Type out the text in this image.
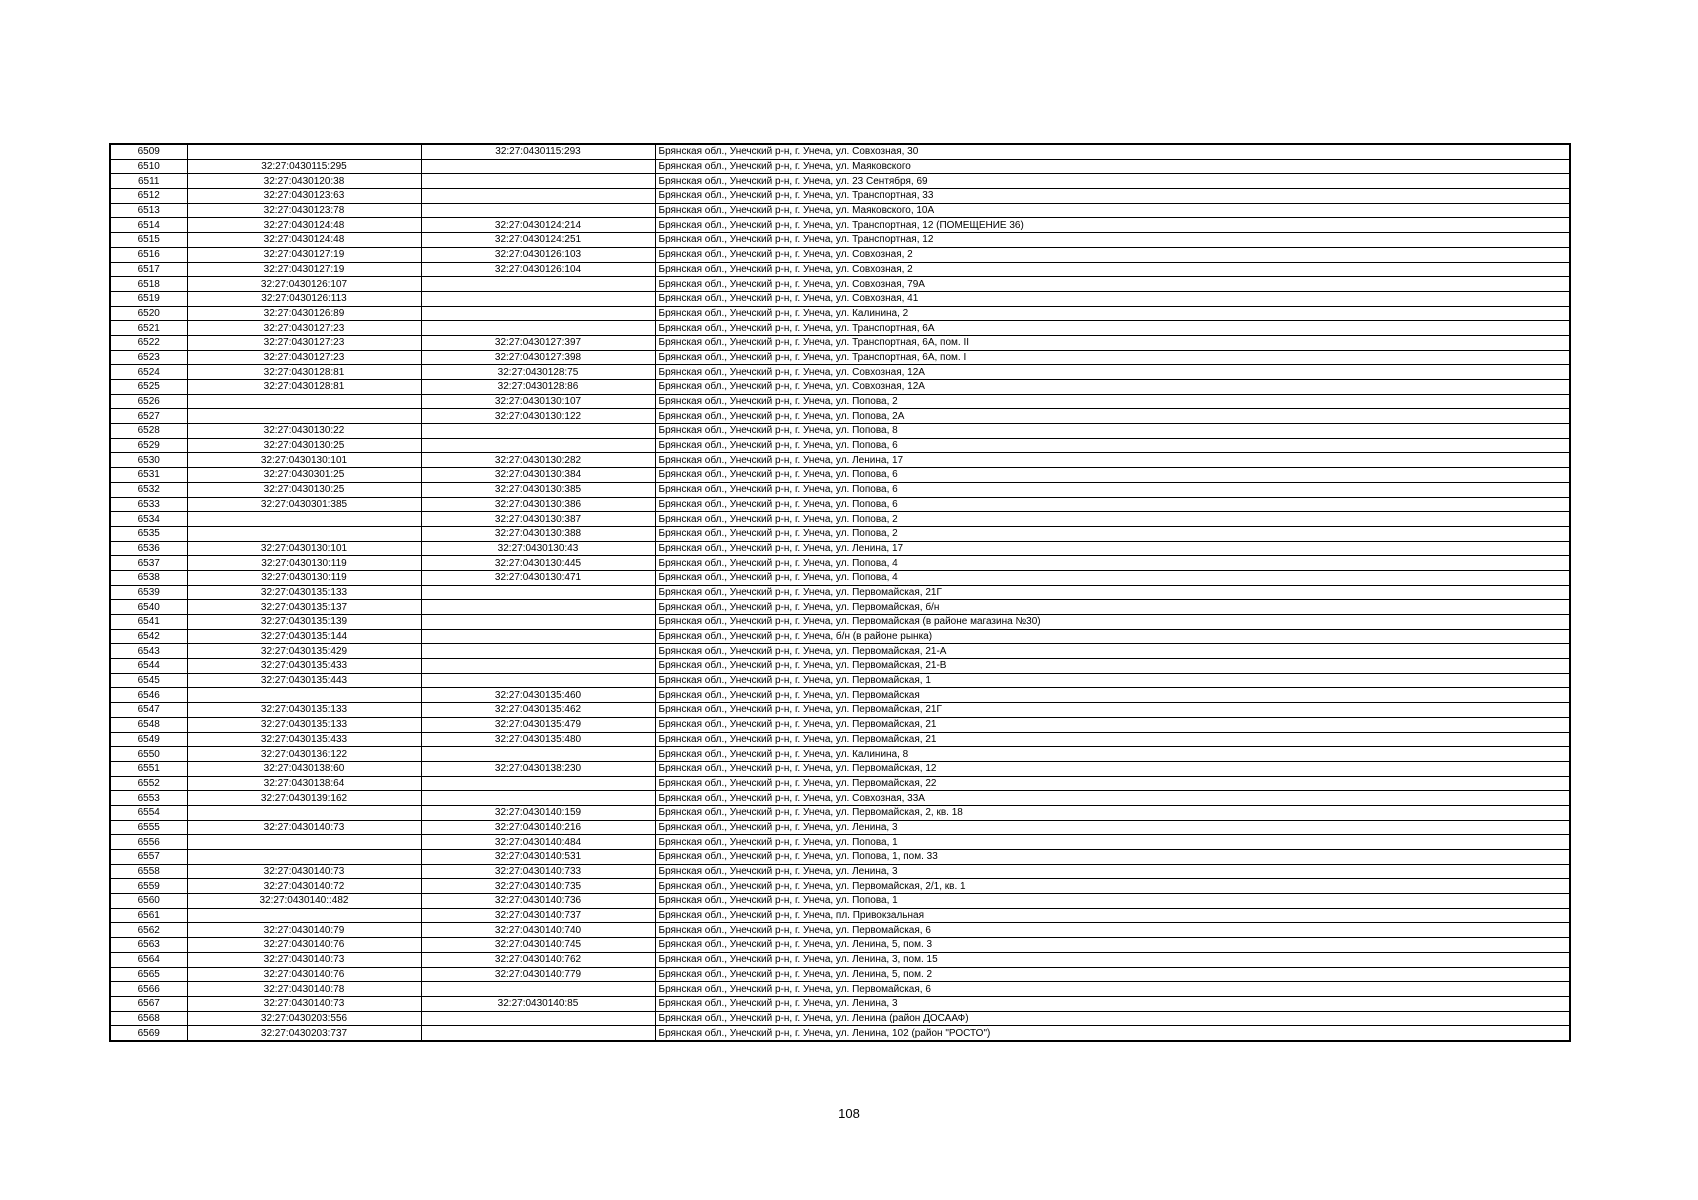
6509		32:27:0430115:293	Брянская обл., Унечский р-н, г. Унеча, ул. Совхозная, 30
6510	32:27:0430115:295		Брянская обл., Унечский р-н, г. Унеча, ул. Маяковского
6511	32:27:0430120:38		Брянская обл., Унечский р-н, г. Унеча, ул. 23 Сентября, 69
6512	32:27:0430123:63		Брянская обл., Унечский р-н, г. Унеча, ул. Транспортная, 33
6513	32:27:0430123:78		Брянская обл., Унечский р-н, г. Унеча, ул. Маяковского, 10А
6514	32:27:0430124:48	32:27:0430124:214	Брянская обл., Унечский р-н, г. Унеча, ул. Транспортная, 12 (ПОМЕЩЕНИЕ 36)
6515	32:27:0430124:48	32:27:0430124:251	Брянская обл., Унечский р-н, г. Унеча, ул. Транспортная, 12
6516	32:27:0430127:19	32:27:0430126:103	Брянская обл., Унечский р-н, г. Унеча, ул. Совхозная, 2
6517	32:27:0430127:19	32:27:0430126:104	Брянская обл., Унечский р-н, г. Унеча, ул. Совхозная, 2
6518	32:27:0430126:107		Брянская обл., Унечский р-н, г. Унеча, ул. Совхозная, 79А
6519	32:27:0430126:113		Брянская обл., Унечский р-н, г. Унеча, ул. Совхозная, 41
6520	32:27:0430126:89		Брянская обл., Унечский р-н, г. Унеча, ул. Калинина, 2
6521	32:27:0430127:23		Брянская обл., Унечский р-н, г. Унеча, ул. Транспортная, 6А
6522	32:27:0430127:23	32:27:0430127:397	Брянская обл., Унечский р-н, г. Унеча, ул. Транспортная, 6А, пом. II
6523	32:27:0430127:23	32:27:0430127:398	Брянская обл., Унечский р-н, г. Унеча, ул. Транспортная, 6А, пом. I
6524	32:27:0430128:81	32:27:0430128:75	Брянская обл., Унечский р-н, г. Унеча, ул. Совхозная, 12А
6525	32:27:0430128:81	32:27:0430128:86	Брянская обл., Унечский р-н, г. Унеча, ул. Совхозная, 12А
6526		32:27:0430130:107	Брянская обл., Унечский р-н, г. Унеча, ул. Попова, 2
6527		32:27:0430130:122	Брянская обл., Унечский р-н, г. Унеча, ул. Попова, 2А
6528	32:27:0430130:22		Брянская обл., Унечский р-н, г. Унеча, ул. Попова, 8
6529	32:27:0430130:25		Брянская обл., Унечский р-н, г. Унеча, ул. Попова, 6
6530	32:27:0430130:101	32:27:0430130:282	Брянская обл., Унечский р-н, г. Унеча, ул. Ленина, 17
6531	32:27:0430301:25	32:27:0430130:384	Брянская обл., Унечский р-н, г. Унеча, ул. Попова, 6
6532	32:27:0430130:25	32:27:0430130:385	Брянская обл., Унечский р-н, г. Унеча, ул. Попова, 6
6533	32:27:0430301:385	32:27:0430130:386	Брянская обл., Унечский р-н, г. Унеча, ул. Попова, 6
6534		32:27:0430130:387	Брянская обл., Унечский р-н, г. Унеча, ул. Попова, 2
6535		32:27:0430130:388	Брянская обл., Унечский р-н, г. Унеча, ул. Попова, 2
6536	32:27:0430130:101	32:27:0430130:43	Брянская обл., Унечский р-н, г. Унеча, ул. Ленина, 17
6537	32:27:0430130:119	32:27:0430130:445	Брянская обл., Унечский р-н, г. Унеча, ул. Попова, 4
6538	32:27:0430130:119	32:27:0430130:471	Брянская обл., Унечский р-н, г. Унеча, ул. Попова, 4
6539	32:27:0430135:133		Брянская обл., Унечский р-н, г. Унеча, ул. Первомайская, 21Г
6540	32:27:0430135:137		Брянская обл., Унечский р-н, г. Унеча, ул. Первомайская, б/н
6541	32:27:0430135:139		Брянская обл., Унечский р-н, г. Унеча, ул. Первомайская (в районе магазина №30)
6542	32:27:0430135:144		Брянская обл., Унечский р-н, г. Унеча, б/н (в районе рынка)
6543	32:27:0430135:429		Брянская обл., Унечский р-н, г. Унеча, ул. Первомайская, 21-А
6544	32:27:0430135:433		Брянская обл., Унечский р-н, г. Унеча, ул. Первомайская, 21-В
6545	32:27:0430135:443		Брянская обл., Унечский р-н, г. Унеча, ул. Первомайская, 1
6546		32:27:0430135:460	Брянская обл., Унечский р-н, г. Унеча, ул. Первомайская
6547	32:27:0430135:133	32:27:0430135:462	Брянская обл., Унечский р-н, г. Унеча, ул. Первомайская, 21Г
6548	32:27:0430135:133	32:27:0430135:479	Брянская обл., Унечский р-н, г. Унеча, ул. Первомайская, 21
6549	32:27:0430135:433	32:27:0430135:480	Брянская обл., Унечский р-н, г. Унеча, ул. Первомайская, 21
6550	32:27:0430136:122		Брянская обл., Унечский р-н, г. Унеча, ул. Калинина, 8
6551	32:27:0430138:60	32:27:0430138:230	Брянская обл., Унечский р-н, г. Унеча, ул. Первомайская, 12
6552	32:27:0430138:64		Брянская обл., Унечский р-н, г. Унеча, ул. Первомайская, 22
6553	32:27:0430139:162		Брянская обл., Унечский р-н, г. Унеча, ул. Совхозная, 33А
6554		32:27:0430140:159	Брянская обл., Унечский р-н, г. Унеча, ул. Первомайская, 2, кв. 18
6555	32:27:0430140:73	32:27:0430140:216	Брянская обл., Унечский р-н, г. Унеча, ул. Ленина, 3
6556		32:27:0430140:484	Брянская обл., Унечский р-н, г. Унеча, ул. Попова, 1
6557		32:27:0430140:531	Брянская обл., Унечский р-н, г. Унеча, ул. Попова, 1, пом. 33
6558	32:27:0430140:73	32:27:0430140:733	Брянская обл., Унечский р-н, г. Унеча, ул. Ленина, 3
6559	32:27:0430140:72	32:27:0430140:735	Брянская обл., Унечский р-н, г. Унеча, ул. Первомайская, 2/1, кв. 1
6560	32:27:0430140::482	32:27:0430140:736	Брянская обл., Унечский р-н, г. Унеча, ул. Попова, 1
6561		32:27:0430140:737	Брянская обл., Унечский р-н, г. Унеча, пл. Привокзальная
6562	32:27:0430140:79	32:27:0430140:740	Брянская обл., Унечский р-н, г. Унеча, ул. Первомайская, 6
6563	32:27:0430140:76	32:27:0430140:745	Брянская обл., Унечский р-н, г. Унеча, ул. Ленина, 5, пом. 3
6564	32:27:0430140:73	32:27:0430140:762	Брянская обл., Унечский р-н, г. Унеча, ул. Ленина, 3, пом. 15
6565	32:27:0430140:76	32:27:0430140:779	Брянская обл., Унечский р-н, г. Унеча, ул. Ленина, 5, пом. 2
6566	32:27:0430140:78		Брянская обл., Унечский р-н, г. Унеча, ул. Первомайская, 6
6567	32:27:0430140:73	32:27:0430140:85	Брянская обл., Унечский р-н, г. Унеча, ул. Ленина, 3
6568	32:27:0430203:556		Брянская обл., Унечский р-н, г. Унеча, ул. Ленина (район ДОСААФ)
6569	32:27:0430203:737		Брянская обл., Унечский р-н, г. Унеча, ул. Ленина, 102 (район "РОСТО")
108
